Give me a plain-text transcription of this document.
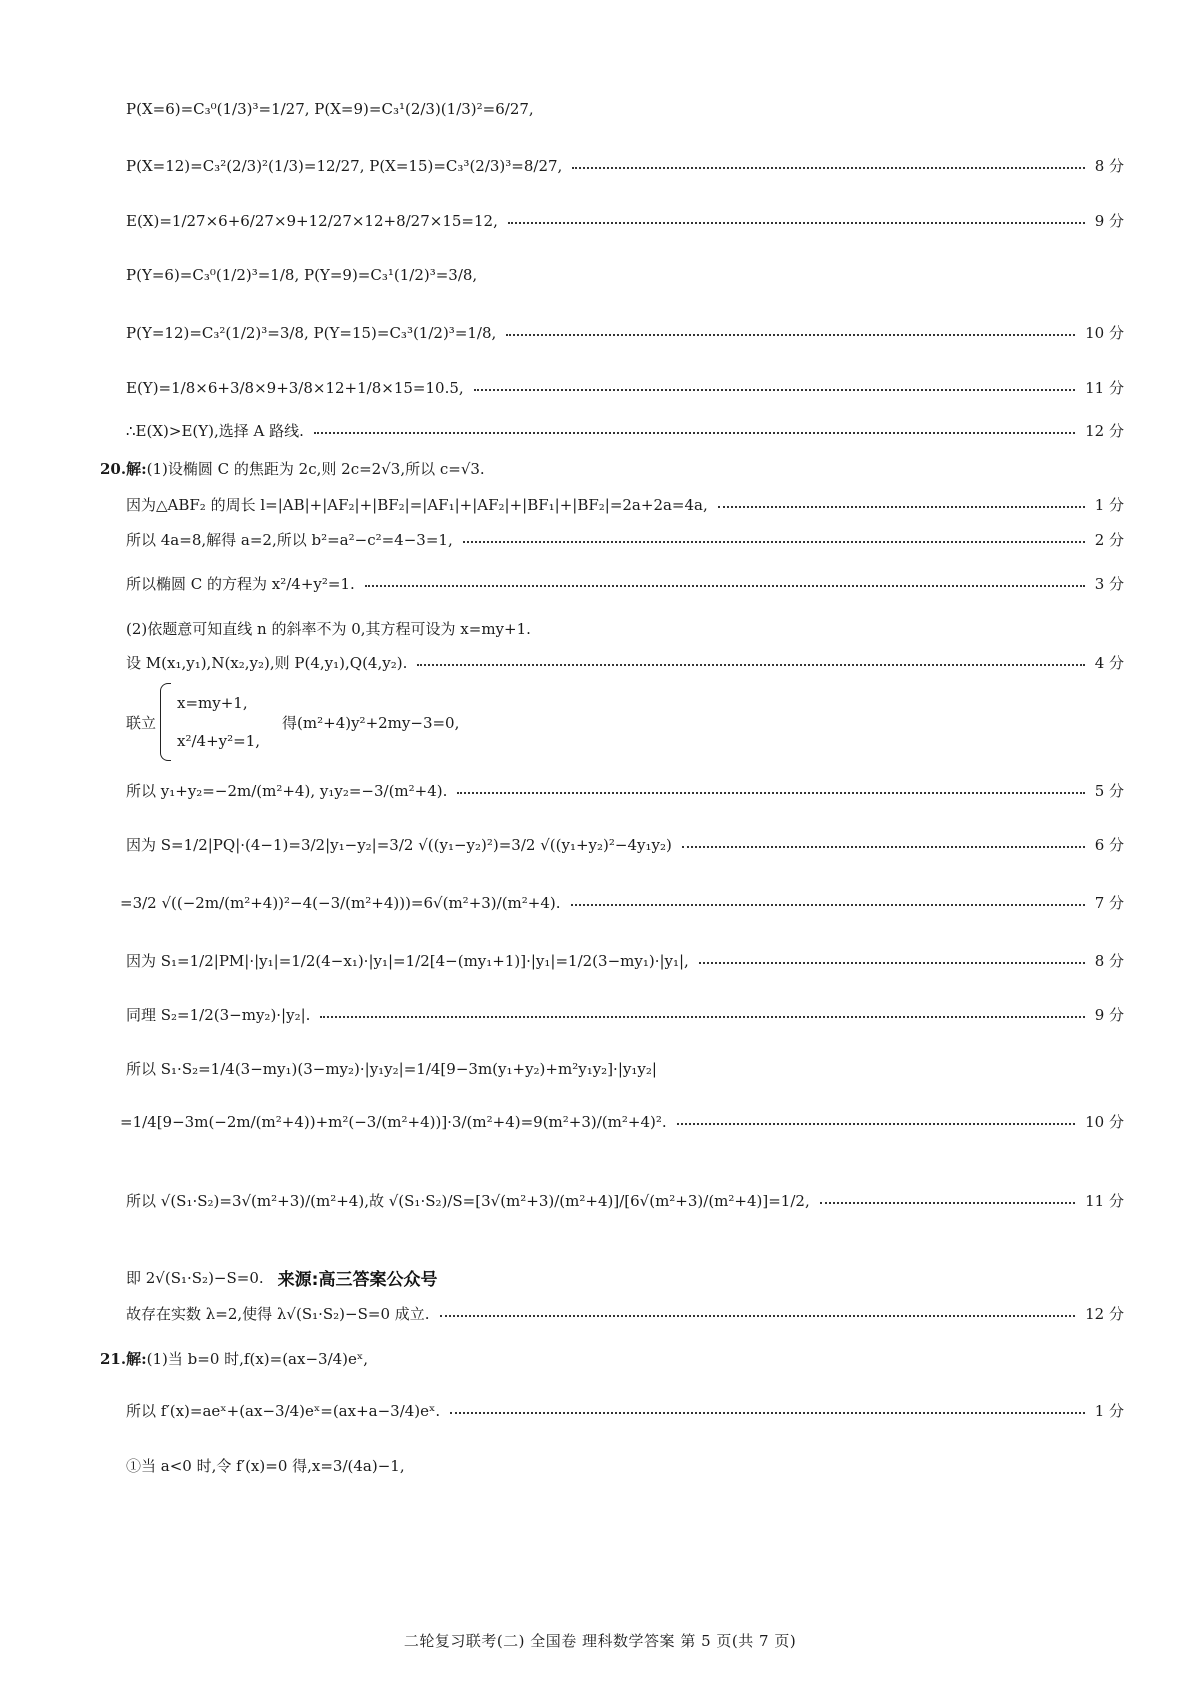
P(X=6)=C₃⁰(1/3)³=1/27, P(X=9)=C₃¹(2/3)(1/3)²=6/27,
P(X=12)=C₃²(2/3)²(1/3)=12/27, P(X=15)=C₃³(2/3)³=8/27,	8 分
E(X)=1/27×6+6/27×9+12/27×12+8/27×15=12,	9 分
P(Y=6)=C₃⁰(1/2)³=1/8, P(Y=9)=C₃¹(1/2)³=3/8,
P(Y=12)=C₃²(1/2)³=3/8, P(Y=15)=C₃³(1/2)³=1/8,	10 分
E(Y)=1/8×6+3/8×9+3/8×12+1/8×15=10.5,	11 分
∴E(X)>E(Y),选择 A 路线.	12 分
20. 解: (1)设椭圆 C 的焦距为 2c,则 2c=2√3,所以 c=√3.
因为△ABF₂ 的周长 l=|AB|+|AF₂|+|BF₂|=|AF₁|+|AF₂|+|BF₁|+|BF₂|=2a+2a=4a,	1 分
所以 4a=8,解得 a=2,所以 b²=a²−c²=4−3=1,	2 分
所以椭圆 C 的方程为 x²/4+y²=1.	3 分
(2)依题意可知直线 n 的斜率不为 0,其方程可设为 x=my+1.
设 M(x₁,y₁),N(x₂,y₂),则 P(4,y₁),Q(4,y₂).	4 分
联立
x=my+1,
x²/4+y²=1,
得(m²+4)y²+2my−3=0,
所以 y₁+y₂=−2m/(m²+4), y₁y₂=−3/(m²+4).	5 分
因为 S=1/2|PQ|·(4−1)=3/2|y₁−y₂|=3/2 √((y₁−y₂)²)=3/2 √((y₁+y₂)²−4y₁y₂)	6 分
=3/2 √((−2m/(m²+4))²−4(−3/(m²+4)))=6√(m²+3)/(m²+4).	7 分
因为 S₁=1/2|PM|·|y₁|=1/2(4−x₁)·|y₁|=1/2[4−(my₁+1)]·|y₁|=1/2(3−my₁)·|y₁|,	8 分
同理 S₂=1/2(3−my₂)·|y₂|.	9 分
所以 S₁·S₂=1/4(3−my₁)(3−my₂)·|y₁y₂|=1/4[9−3m(y₁+y₂)+m²y₁y₂]·|y₁y₂|
=1/4[9−3m(−2m/(m²+4))+m²(−3/(m²+4))]·3/(m²+4)=9(m²+3)/(m²+4)².	10 分
所以 √(S₁·S₂)=3√(m²+3)/(m²+4),故 √(S₁·S₂)/S=[3√(m²+3)/(m²+4)]/[6√(m²+3)/(m²+4)]=1/2,	11 分
即 2√(S₁·S₂)−S=0. 来源:高三答案公众号
故存在实数 λ=2,使得 λ√(S₁·S₂)−S=0 成立.	12 分
21. 解: (1)当 b=0 时,f(x)=(ax−3/4)eˣ,
所以 f′(x)=aeˣ+(ax−3/4)eˣ=(ax+a−3/4)eˣ.	1 分
①当 a<0 时,令 f′(x)=0 得,x=3/(4a)−1,
二轮复习联考(二) 全国卷 理科数学答案 第 5 页(共 7 页)
